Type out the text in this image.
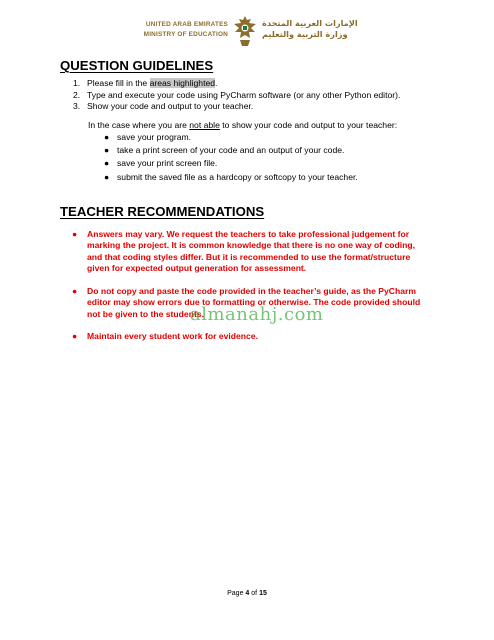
UNITED ARAB EMIRATES
MINISTRY OF EDUCATION
الإمارات العربية المتحدة
وزارة التربية والتعليم
QUESTION GUIDELINES
1. Please fill in the areas highlighted.
2. Type and execute your code using PyCharm software (or any other Python editor).
3. Show your code and output to your teacher.
In the case where you are not able to show your code and output to your teacher:
● save your program.
● take a print screen of your code and an output of your code.
● save your print screen file.
● submit the saved file as a hardcopy or softcopy to your teacher.
TEACHER RECOMMENDATIONS
●	Answers may vary. We request the teachers to take professional judgement for marking the project. It is common knowledge that there is no one way of coding, and that coding styles differ. But it is recommended to use the format/structure given for expected output generation for assessment.
●	Do not copy and paste the code provided in the teacher’s guide, as the PyCharm editor may show errors due to formatting or otherwise. The code provided should not be given to the students.
●	Maintain every student work for evidence.
almanahj.com
Page 4 of 15
